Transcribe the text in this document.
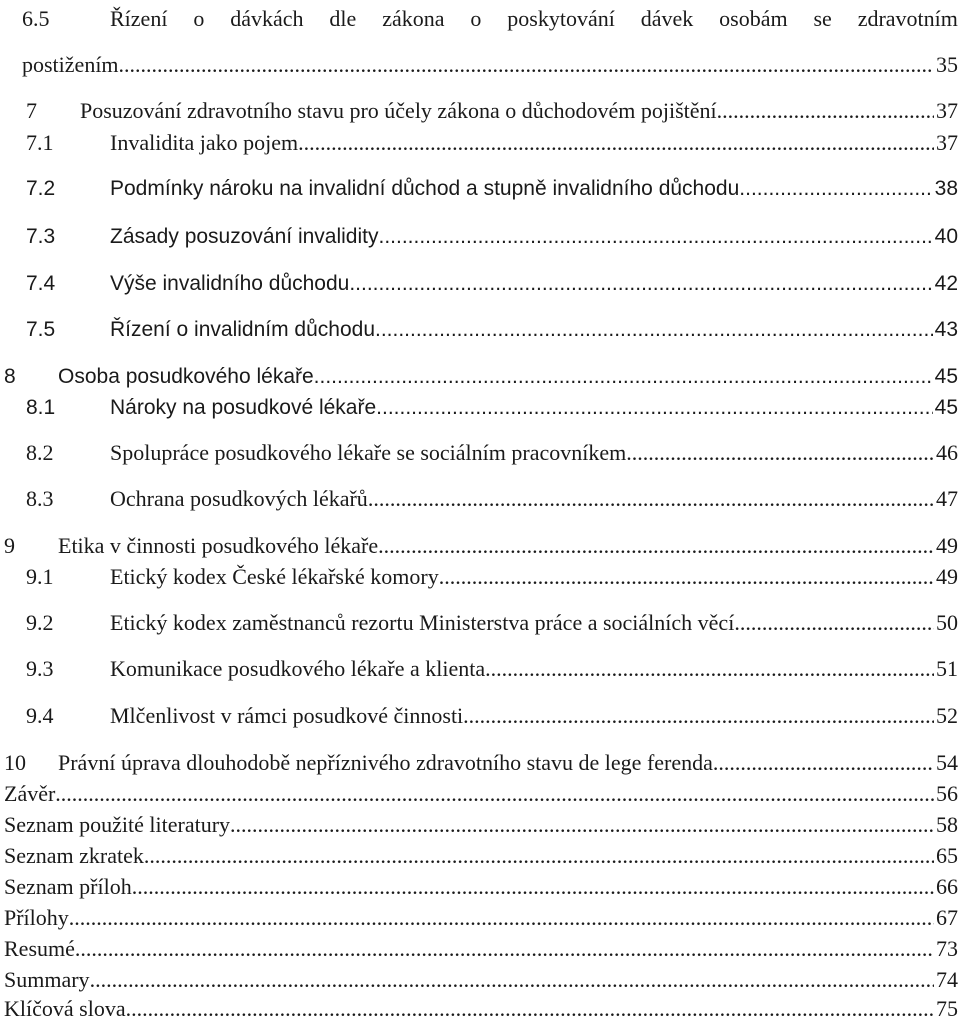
6.5	Řízení o dávkách dle zákona o poskytování dávek osobám se zdravotním
postižením .....	35
7 Posuzování zdravotního stavu pro účely zákona o důchodovém pojištění .....	37
7.1	Invalidita jako pojem .....	37
7.2	Podmínky nároku na invalidní důchod a stupně invalidního důchodu .....	38
7.3	Zásady posuzování invalidity .....	40
7.4	Výše invalidního důchodu .....	42
7.5	Řízení o invalidním důchodu .....	43
8 Osoba posudkového lékaře .....	45
8.1	Nároky na posudkové lékaře .....	45
8.2	Spolupráce posudkového lékaře se sociálním pracovníkem .....	46
8.3	Ochrana posudkových lékařů .....	47
9 Etika v činnosti posudkového lékaře .....	49
9.1	Etický kodex České lékařské komory .....	49
9.2	Etický kodex zaměstnanců rezortu Ministerstva práce a sociálních věcí .....	50
9.3	Komunikace posudkového lékaře a klienta .....	51
9.4	Mlčenlivost v rámci posudkové činnosti .....	52
10 Právní úprava dlouhodobě nepříznivého zdravotního stavu de lege ferenda .....	54
Závěr .....	56
Seznam použité literatury .....	58
Seznam zkratek .....	65
Seznam příloh .....	66
Přílohy .....	67
Resumé .....	73
Summary .....	74
Klíčová slova .....	75
